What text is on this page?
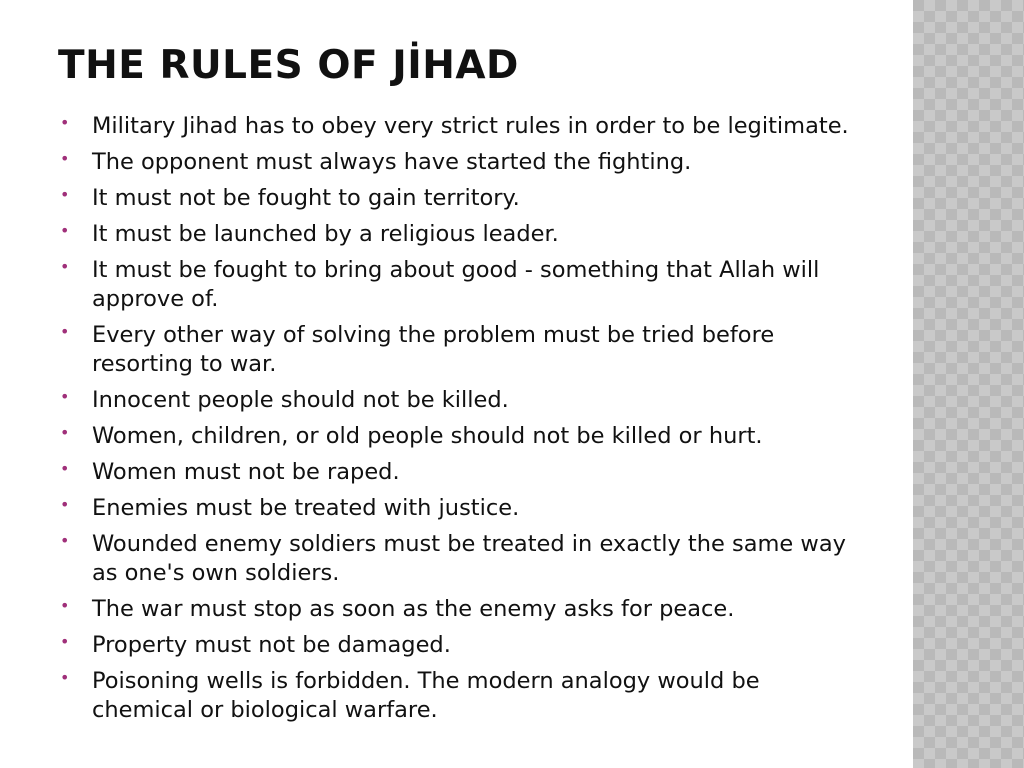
THE RULES OF JİHAD
• Military Jihad has to obey very strict rules in order to be legitimate.
• The opponent must always have started the fighting.
• It must not be fought to gain territory.
• It must be launched by a religious leader.
• It must be fought to bring about good - something that Allah will approve of.
• Every other way of solving the problem must be tried before resorting to war.
• Innocent people should not be killed.
• Women, children, or old people should not be killed or hurt.
• Women must not be raped.
• Enemies must be treated with justice.
• Wounded enemy soldiers must be treated in exactly the same way as one's own soldiers.
• The war must stop as soon as the enemy asks for peace.
• Property must not be damaged.
• Poisoning wells is forbidden. The modern analogy would be chemical or biological warfare.
